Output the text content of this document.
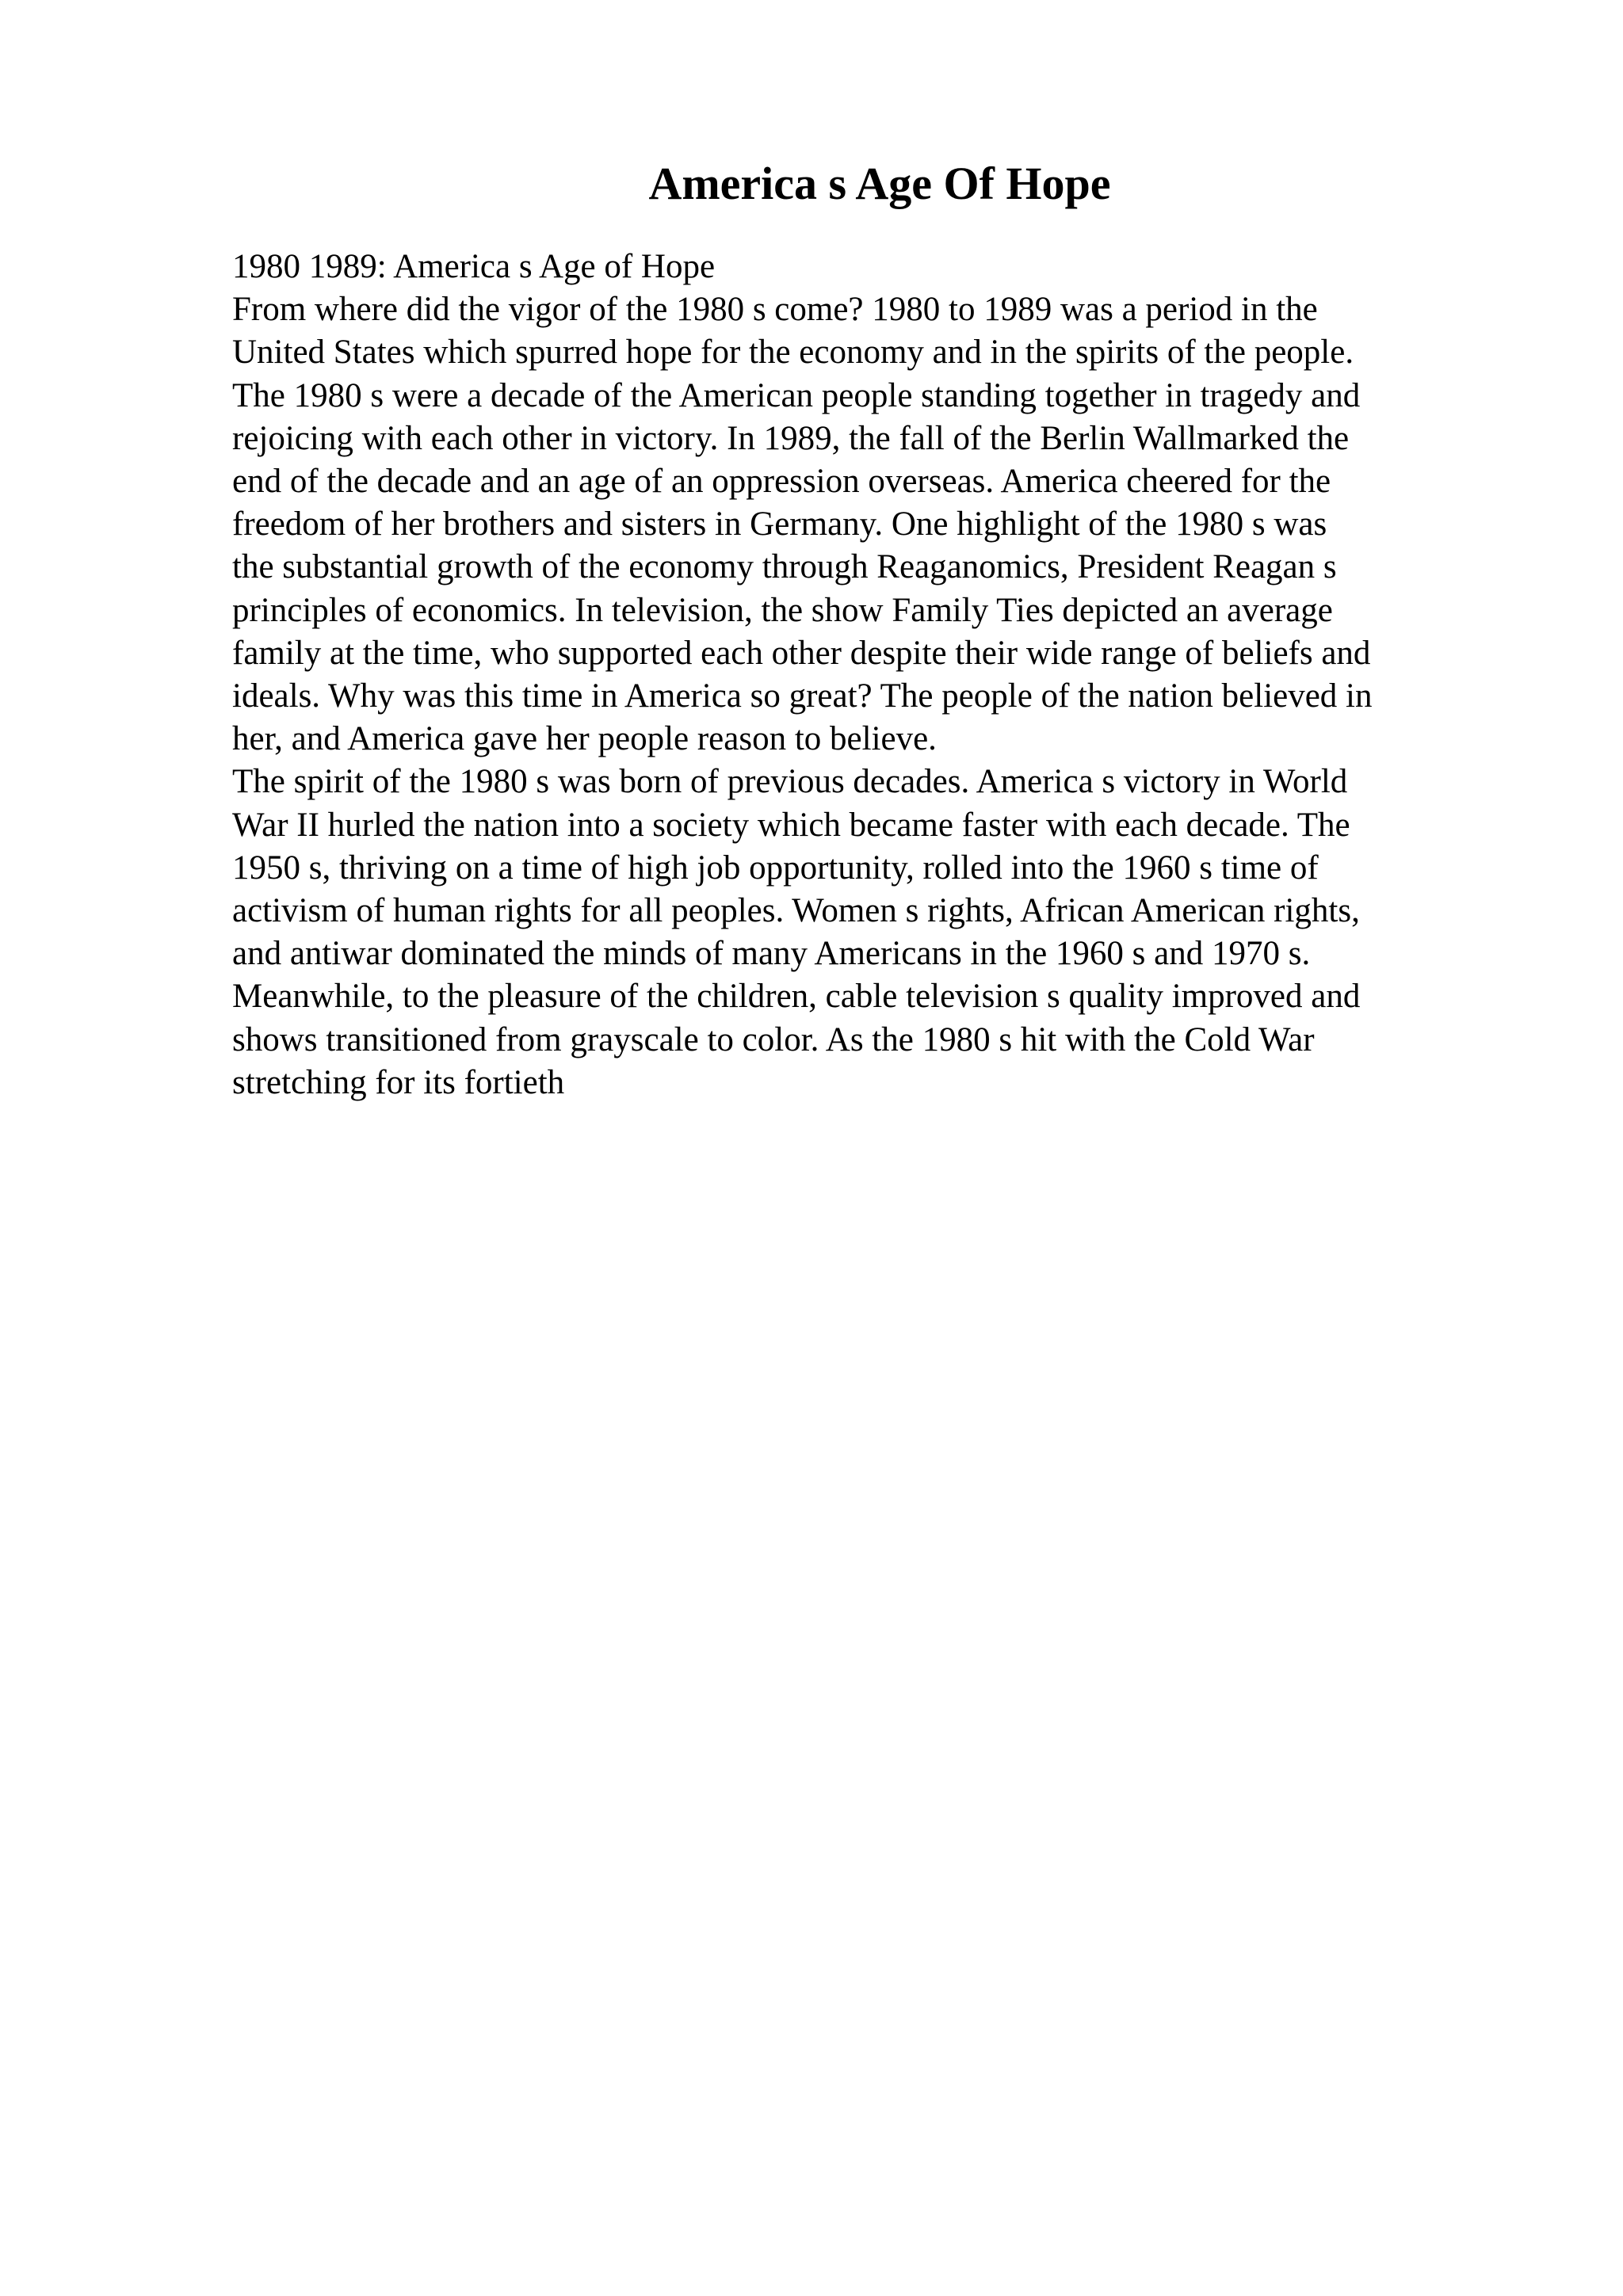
America s Age Of Hope
1980 1989: America s Age of Hope
From where did the vigor of the 1980 s come? 1980 to 1989 was a period in the
United States which spurred hope for the economy and in the spirits of the people.
The 1980 s were a decade of the American people standing together in tragedy and
rejoicing with each other in victory. In 1989, the fall of the Berlin Wallmarked the
end of the decade and an age of an oppression overseas. America cheered for the
freedom of her brothers and sisters in Germany. One highlight of the 1980 s was
the substantial growth of the economy through Reaganomics, President Reagan s
principles of economics. In television, the show Family Ties depicted an average
family at the time, who supported each other despite their wide range of beliefs and
ideals. Why was this time in America so great? The people of the nation believed in
her, and America gave her people reason to believe.
The spirit of the 1980 s was born of previous decades. America s victory in World
War II hurled the nation into a society which became faster with each decade. The
1950 s, thriving on a time of high job opportunity, rolled into the 1960 s time of
activism of human rights for all peoples. Women s rights, African American rights,
and antiwar dominated the minds of many Americans in the 1960 s and 1970 s.
Meanwhile, to the pleasure of the children, cable television s quality improved and
shows transitioned from grayscale to color. As the 1980 s hit with the Cold War
stretching for its fortieth
